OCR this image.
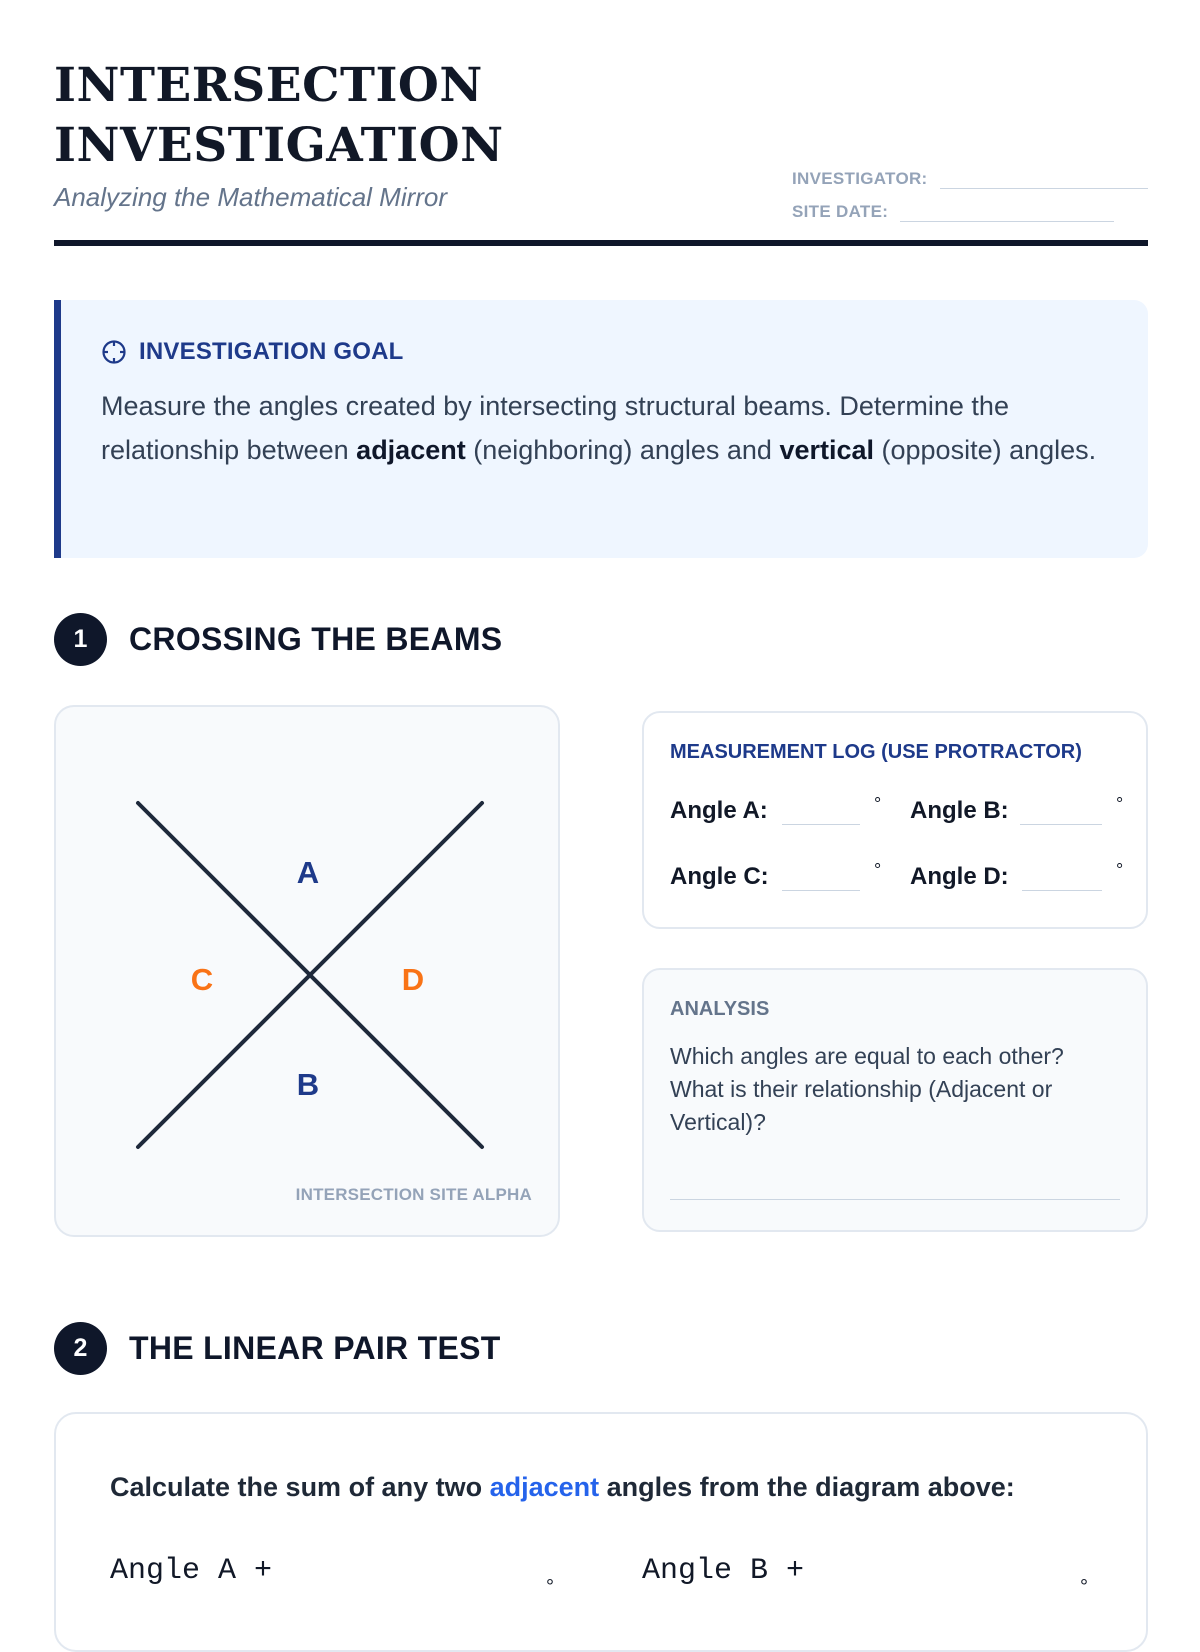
INTERSECTION
INVESTIGATION
Analyzing the Mathematical Mirror
INVESTIGATOR:
SITE DATE:
INVESTIGATION GOAL
Measure the angles created by intersecting structural beams. Determine the relationship between adjacent (neighboring) angles and vertical (opposite) angles.
1	CROSSING THE BEAMS
A
B
C	D
INTERSECTION SITE ALPHA
MEASUREMENT LOG (USE PROTRACTOR)
Angle A:	° Angle B:	°
Angle C:	° Angle D:	°
ANALYSIS
Which angles are equal to each other? What is their relationship (Adjacent or Vertical)?
2	THE LINEAR PAIR TEST
Calculate the sum of any two adjacent angles from the diagram above:
Angle A +	°	Angle B +	°
